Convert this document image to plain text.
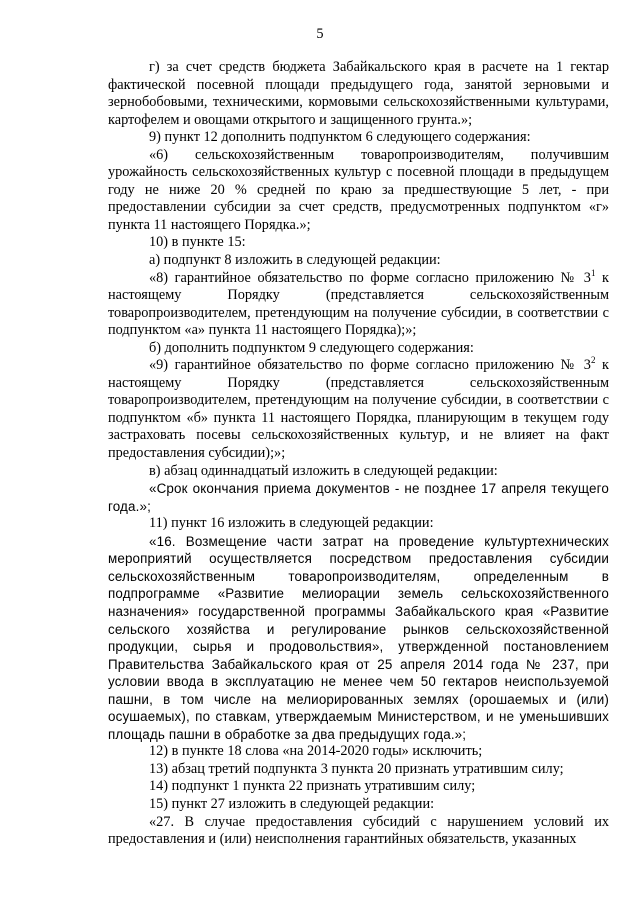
5

г) за счет средств бюджета Забайкальского края в расчете на 1 гектар фактической посевной площади предыдущего года, занятой зерновыми и зернобобовыми, техническими, кормовыми сельскохозяйственными культурами, картофелем и овощами открытого и защищенного грунта.»;

9) пункт 12 дополнить подпунктом 6 следующего содержания:

«6) сельскохозяйственным товаропроизводителям, получившим урожайность сельскохозяйственных культур с посевной площади в предыдущем году не ниже 20 % средней по краю за предшествующие 5 лет, - при предоставлении субсидии за счет средств, предусмотренных подпунктом «г» пункта 11 настоящего Порядка.»;

10) в пункте 15:

а) подпункт 8 изложить в следующей редакции:

«8) гарантийное обязательство по форме согласно приложению № $3^1$ к настоящему Порядку (представляется сельскохозяйственным товаропроизводителем, претендующим на получение субсидии, в соответствии с подпунктом «а» пункта 11 настоящего Порядка);»;

б) дополнить подпунктом 9 следующего содержания:

«9) гарантийное обязательство по форме согласно приложению № $3^2$ к настоящему Порядку (представляется сельскохозяйственным товаропроизводителем, претендующим на получение субсидии, в соответствии с подпунктом «б» пункта 11 настоящего Порядка, планирующим в текущем году застраховать посевы сельскохозяйственных культур, и не влияет на факт предоставления субсидии);»;

в) абзац одиннадцатый изложить в следующей редакции:

«Срок окончания приема документов - не позднее 17 апреля текущего года.»;

11) пункт 16 изложить в следующей редакции:

«16. Возмещение части затрат на проведение культуртехнических мероприятий осуществляется посредством предоставления субсидии сельскохозяйственным товаропроизводителям, определенным в подпрограмме «Развитие мелиорации земель сельскохозяйственного назначения» государственной программы Забайкальского края «Развитие сельского хозяйства и регулирование рынков сельскохозяйственной продукции, сырья и продовольствия», утвержденной постановлением Правительства Забайкальского края от 25 апреля 2014 года № 237, при условии ввода в эксплуатацию не менее чем 50 гектаров неиспользуемой пашни, в том числе на мелиорированных землях (орошаемых и (или) осушаемых), по ставкам, утверждаемым Министерством, и не уменьшивших площадь пашни в обработке за два предыдущих года.»;

12) в пункте 18 слова «на 2014-2020 годы» исключить;

13) абзац третий подпункта 3 пункта 20 признать утратившим силу;

14) подпункт 1 пункта 22 признать утратившим силу;

15) пункт 27 изложить в следующей редакции:

«27. В случае предоставления субсидий с нарушением условий их предоставления и (или) неисполнения гарантийных обязательств, указанных
